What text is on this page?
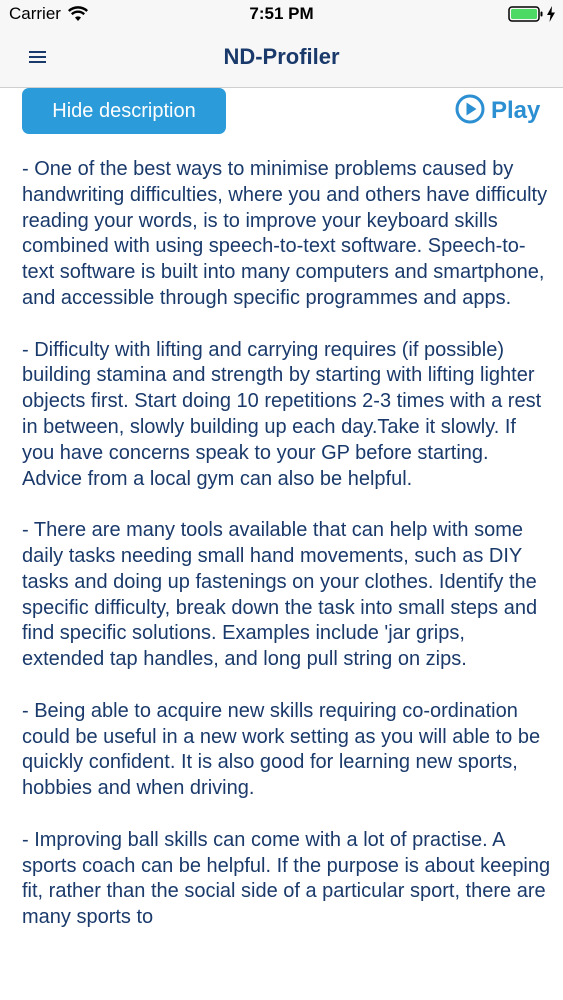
Carrier	7:51 PM
ND-Profiler
Hide description	Play
- One of the best ways to minimise problems caused by handwriting difficulties, where you and others have difficulty reading your words, is to improve your keyboard skills combined with using speech-to-text software. Speech-to-text software is built into many computers and smartphone, and accessible through specific programmes and apps.

- Difficulty with lifting and carrying requires (if possible) building stamina and strength by starting with lifting lighter objects first. Start doing 10 repetitions 2-3 times with a rest in between, slowly building up each day.Take it slowly. If you have concerns speak to your GP before starting. Advice from a local gym can also be helpful.

- There are many tools available that can help with some daily tasks needing small hand movements, such as DIY tasks and doing up fastenings on your clothes. Identify the specific difficulty, break down the task into small steps and find specific solutions. Examples include 'jar grips, extended tap handles, and long pull string on zips.

- Being able to acquire new skills requiring co-ordination could be useful in a new work setting as you will able to be quickly confident. It is also good for learning new sports, hobbies and when driving.

- Improving ball skills can come with a lot of practise. A sports coach can be helpful. If the purpose is about keeping fit, rather than the social side of a particular sport, there are many sports to
